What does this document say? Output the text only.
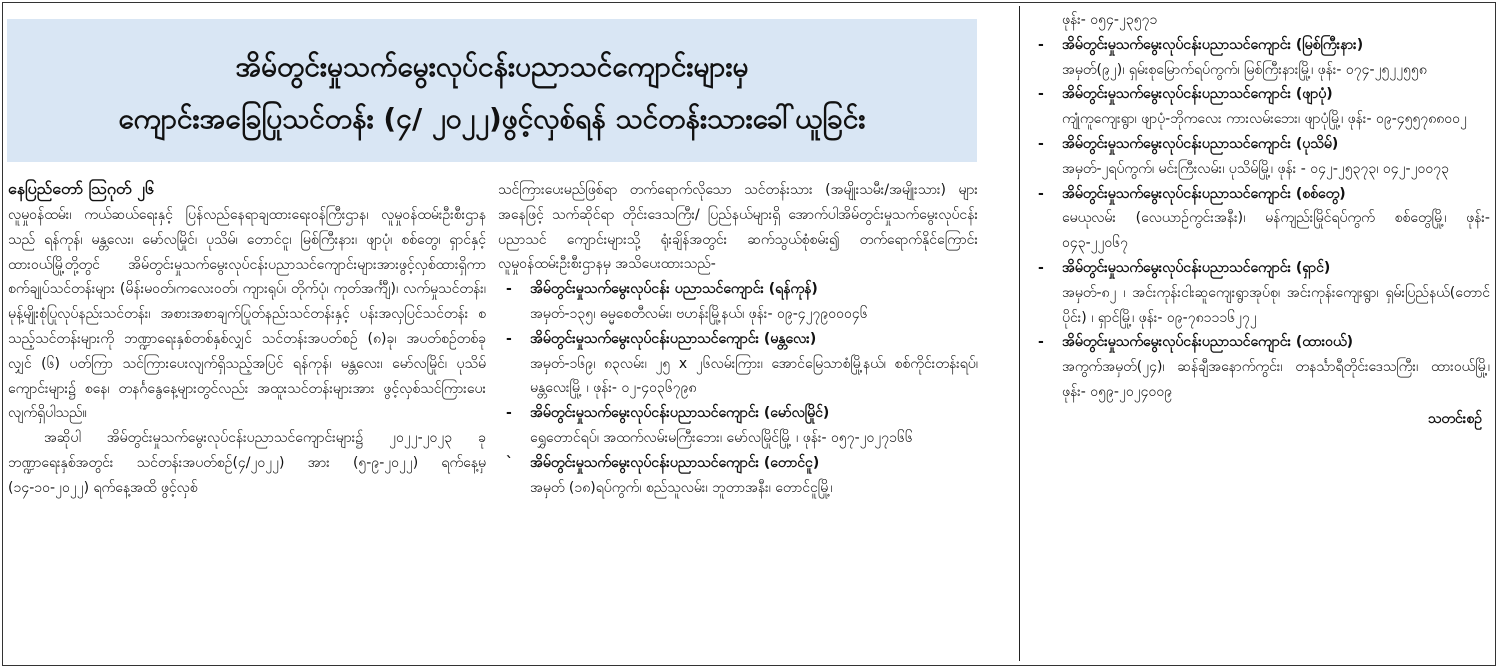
အိမ်တွင်းမှုသက်မွေးလုပ်ငန်းပညာသင်ကျောင်းများမှ
ကျောင်းအခြေပြုသင်တန်း (၄/ ၂၀၂၂)ဖွင့်လှစ်ရန် သင်တန်းသားခေါ်ယူခြင်း
နေပြည်တော် ဩဂုတ် ၂၆

လူမှုဝန်ထမ်း၊ ကယ်ဆယ်ရေးနှင့် ပြန်လည်နေရာချထားရေးဝန်ကြီးဌာန၊ လူမှုဝန်ထမ်းဦးစီးဌာနသည် ရန်ကုန်၊ မန္တလေး၊ မော်လမြိုင်၊ ပုသိမ်၊ တောင်ငူ၊ မြစ်ကြီးနား၊ ဖျာပုံ၊ စစ်တွေ၊ ရှာင်နှင့် ထားဝယ်မြို့တို့တွင် အိမ်တွင်းမှုသက်မွေးလုပ်ငန်းပညာသင်ကျောင်းများအားဖွင့်လှစ်ထားရှိကာ စက်ချုပ်သင်တန်းများ (မိန်းမဝတ်၊ကလေးဝတ်၊ ကျားရုပ်၊ တိုက်ပုံ၊ ကုတ်အင်္ကျီ)၊ လက်မှုသင်တန်း၊ မုန့်မျိုးစုံပြုလုပ်နည်းသင်တန်း၊ အစားအစာချက်ပြုတ်နည်းသင်တန်းနှင့် ပန်းအလှပြင်သင်တန်း စသည့်သင်တန်းများကို ဘဏ္ဍာရေးနှစ်တစ်နှစ်လျှင် သင်တန်းအပတ်စဉ် (၈)ခု၊ အပတ်စဉ်တစ်ခုလျှင် (၆) ပတ်ကြာ သင်ကြားပေးလျက်ရှိသည့်အပြင် ရန်ကုန်၊ မန္တလေး၊ မော်လမြိုင်၊ ပုသိမ်ကျောင်းများ၌ စနေ၊ တနင်္ဂနွေနေ့များတွင်လည်း အထူးသင်တန်းများအား ဖွင့်လှစ်သင်ကြားပေးလျက်ရှိပါသည်။

အဆိုပါ အိမ်တွင်းမှုသက်မွေးလုပ်ငန်းပညာသင်ကျောင်းများ၌ ၂၀၂၂-၂၀၂၃ ခု ဘဏ္ဍာရေးနှစ်အတွင်း သင်တန်းအပတ်စဉ်(၄/၂၀၂၂) အား (၅-၉-၂၀၂၂) ရက်နေ့မှ (၁၄-၁၀-၂၀၂၂) ရက်နေ့အထိ ဖွင့်လှစ်

သင်ကြားပေးမည်ဖြစ်ရာ တက်ရောက်လိုသော သင်တန်းသား (အမျိုးသမီး/အမျိုးသား) များအနေဖြင့် သက်ဆိုင်ရာ တိုင်းဒေသကြီး/ ပြည်နယ်များရှိ အောက်ပါအိမ်တွင်းမှုသက်မွေးလုပ်ငန်းပညာသင် ကျောင်းများသို့ ရုံးချိန်အတွင်း ဆက်သွယ်စုံစမ်း၍ တက်ရောက်နိုင်ကြောင်း လူမှုဝန်ထမ်းဦးစီးဌာနမှ အသိပေးထားသည်-

- အိမ်တွင်းမှုသက်မွေးလုပ်ငန်း ပညာသင်ကျောင်း (ရန်ကုန်)
အမှတ်-၁၃၅၊ ဓမ္မစေတီလမ်း၊ ဗဟန်းမြို့နယ်၊ ဖုန်း- ၀၉-၄၂၇၉၀၀၀၄၆
- အိမ်တွင်းမှုသက်မွေးလုပ်ငန်းပညာသင်ကျောင်း (မန္တလေး)
အမှတ်-၁၆၉၊ ၈၃လမ်း၊ ၂၅ x ၂၆လမ်းကြား၊ အောင်မြေသာစံမြို့နယ်၊ စစ်ကိုင်းတန်းရပ်၊ မန္တလေးမြို့ ၊ ဖုန်း- ၀၂-၄၀၃၆၇၉၈
- အိမ်တွင်းမှုသက်မွေးလုပ်ငန်းပညာသင်ကျောင်း (မော်လမြိုင်)
ရွှေတောင်ရပ်၊ အထက်လမ်းမကြီးဘေး၊ မော်လမြိုင်မြို့ ၊ ဖုန်း- ၀၅၇-၂၀၂၇၁၆၆
` အိမ်တွင်းမှုသက်မွေးလုပ်ငန်းပညာသင်ကျောင်း (တောင်ငူ)
အမှတ် (၁၈)ရပ်ကွက်၊ စည်သူလမ်း၊ ဘူတာအနီး၊ တောင်ငူမြို့၊

ဖုန်း- ၀၅၄-၂၃၅၇၁

- အိမ်တွင်းမှုသက်မွေးလုပ်ငန်းပညာသင်ကျောင်း (မြစ်ကြီးနား)
အမှတ်(၉၂)၊ ရှမ်းစုမြောက်ရပ်ကွက်၊ မြစ်ကြီးနားမြို့၊ ဖုန်း- ၀၇၄-၂၅၂၂၅၅၈
- အိမ်တွင်းမှုသက်မွေးလုပ်ငန်းပညာသင်ကျောင်း (ဖျာပုံ)
ကျုံကူကျေးရွာ၊ ဖျာပုံ-ဘိုကလေး ကားလမ်းဘေး၊ ဖျာပုံမြို့၊ ဖုန်း- ၀၉-၄၅၅၇၈၈၀၀၂
- အိမ်တွင်းမှုသက်မွေးလုပ်ငန်းပညာသင်ကျောင်း (ပုသိမ်)
အမှတ်-၂ရပ်ကွက်၊ မင်းကြီးလမ်း၊ ပုသိမ်မြို့၊ ဖုန်း - ၀၄၂-၂၅၃၇၃၊ ၀၄၂-၂၀၀၇၃
- အိမ်တွင်းမှုသက်မွေးလုပ်ငန်းပညာသင်ကျောင်း (စစ်တွေ)
မေယုလမ်း (လေယာဉ်ကွင်းအနီး)၊ မန်ကျည်းမြိုင်ရပ်ကွက် စစ်တွေမြို့၊ ဖုန်း- ၀၄၃-၂၂၀၆၇
- အိမ်တွင်းမှုသက်မွေးလုပ်ငန်းပညာသင်ကျောင်း (ရှာင်)
အမှတ်-၈၂ ၊ အင်းကုန်းငါးဆူကျေးရွာအုပ်စု၊ အင်းကုန်းကျေးရွာ၊ ရှမ်းပြည်နယ်(တောင်ပိုင်း) ၊ ရှာင်မြို့၊ ဖုန်း- ၀၉-၇၈၁၁၁၆၂၇၂
- အိမ်တွင်းမှုသက်မွေးလုပ်ငန်းပညာသင်ကျောင်း (ထားဝယ်)
အကွက်အမှတ်(၂၄)၊ ဆန်ချီအနောက်ကွင်း၊ တနင်္သာရီတိုင်းဒေသကြီး၊ ထားဝယ်မြို့၊ ဖုန်း- ၀၅၉-၂၀၂၄၀၀၉

သတင်းစဉ်
